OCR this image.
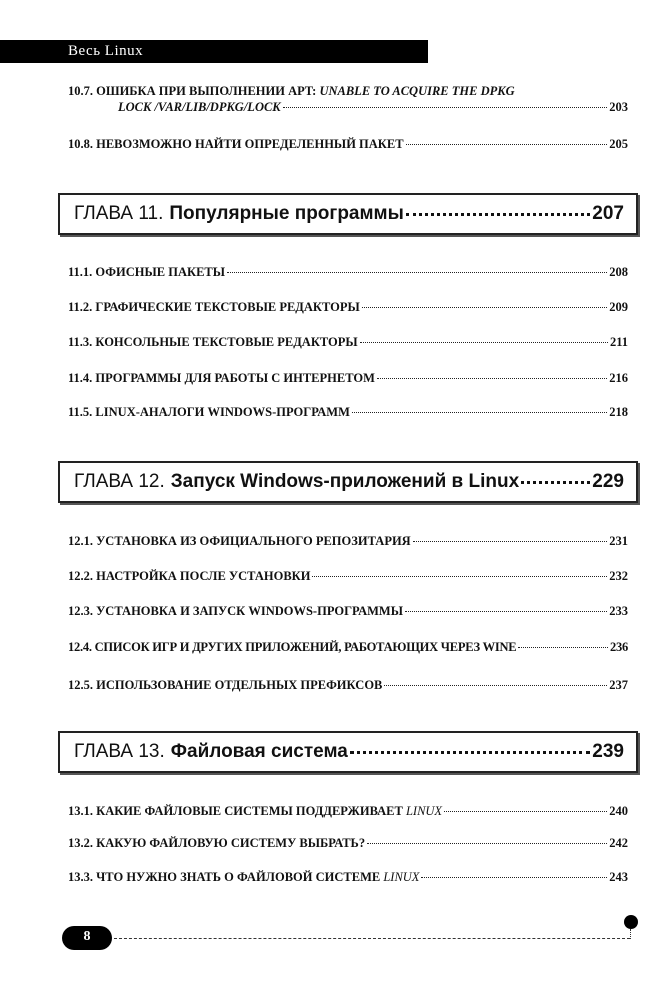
Весь Linux
10.7. ОШИБКА ПРИ ВЫПОЛНЕНИИ APT: UNABLE TO ACQUIRE THE DPKG
LOCK /VAR/LIB/DPKG/LOCK	203
10.8. НЕВОЗМОЖНО НАЙТИ ОПРЕДЕЛЕННЫЙ ПАКЕТ	205
ГЛАВА 11. Популярные программы	207
11.1. ОФИСНЫЕ ПАКЕТЫ	208
11.2. ГРАФИЧЕСКИЕ ТЕКСТОВЫЕ РЕДАКТОРЫ	209
11.3. КОНСОЛЬНЫЕ ТЕКСТОВЫЕ РЕДАКТОРЫ	211
11.4. ПРОГРАММЫ ДЛЯ РАБОТЫ С ИНТЕРНЕТОМ	216
11.5. LINUX-АНАЛОГИ WINDOWS-ПРОГРАММ	218
ГЛАВА 12. Запуск Windows-приложений в Linux	229
12.1. УСТАНОВКА ИЗ ОФИЦИАЛЬНОГО РЕПОЗИТАРИЯ	231
12.2. НАСТРОЙКА ПОСЛЕ УСТАНОВКИ	232
12.3. УСТАНОВКА И ЗАПУСК WINDOWS-ПРОГРАММЫ	233
12.4. СПИСОК ИГР И ДРУГИХ ПРИЛОЖЕНИЙ, РАБОТАЮЩИХ ЧЕРЕЗ WINE	236
12.5. ИСПОЛЬЗОВАНИЕ ОТДЕЛЬНЫХ ПРЕФИКСОВ	237
ГЛАВА 13. Файловая система	239
13.1. КАКИЕ ФАЙЛОВЫЕ СИСТЕМЫ ПОДДЕРЖИВАЕТ LINUX	240
13.2. КАКУЮ ФАЙЛОВУЮ СИСТЕМУ ВЫБРАТЬ?	242
13.3. ЧТО НУЖНО ЗНАТЬ О ФАЙЛОВОЙ СИСТЕМЕ LINUX	243
8
